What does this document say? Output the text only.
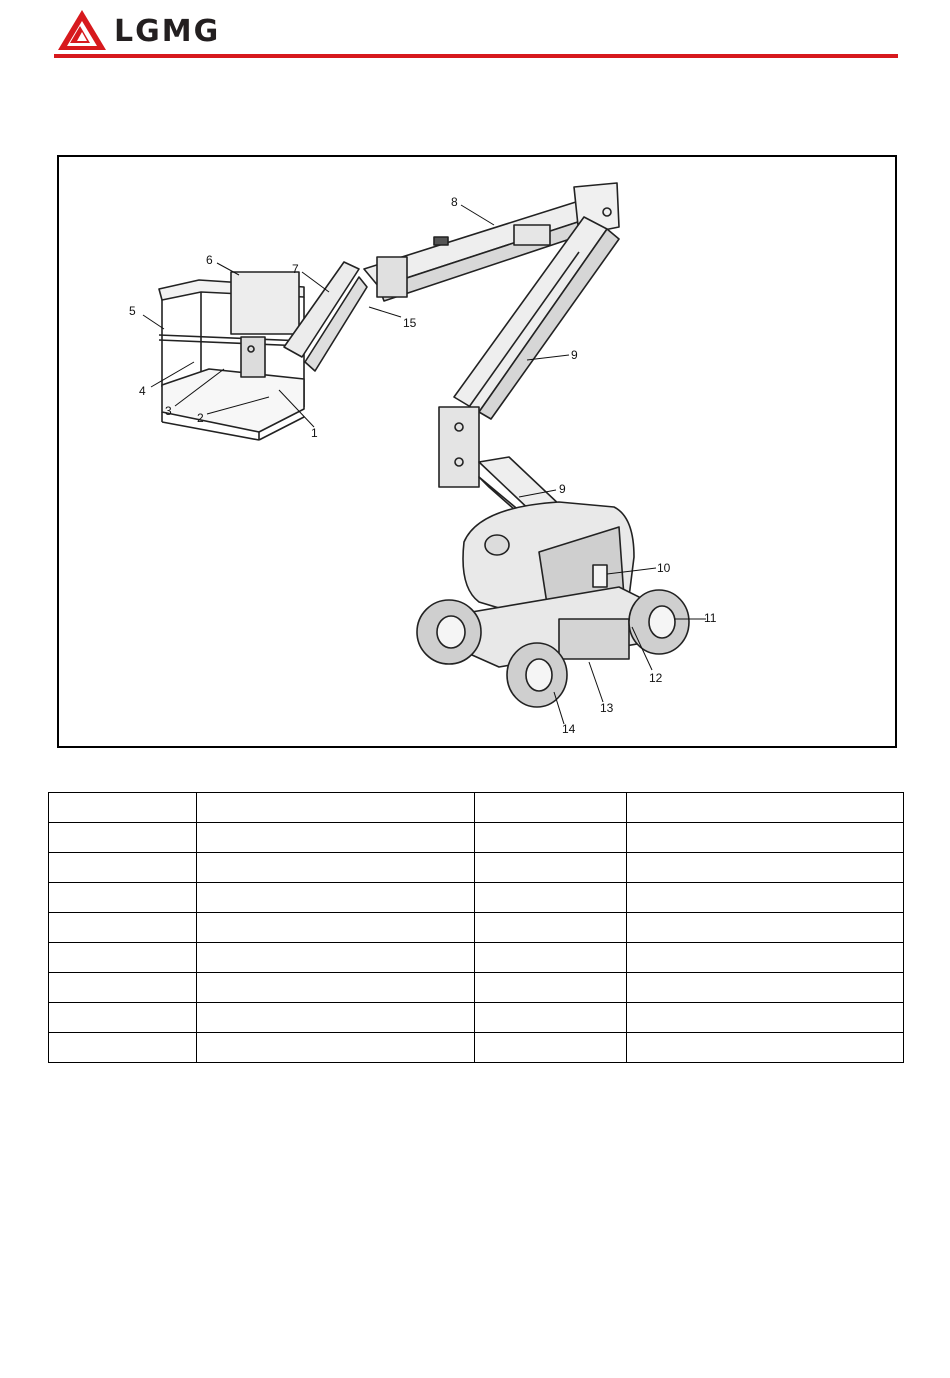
LGMG
1
2
3
4
5
6
7
8
9
9
10
11
12
13
14
15
